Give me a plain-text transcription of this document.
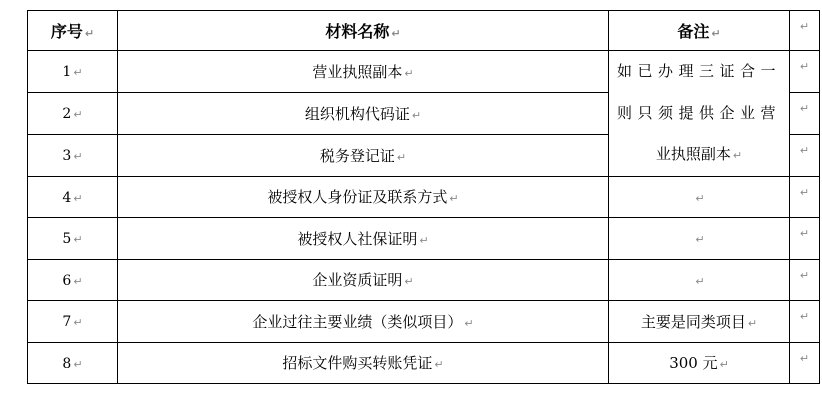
序号 ↵	材料名称 ↵	备注 ↵	↵
1 ↵	营业执照副本 ↵	如已办理三证合一
则只须提供企业营
业执照副本 ↵	↵
2 ↵	组织机构代码证 ↵		↵
3 ↵	税务登记证 ↵		↵
4 ↵	被授权人身份证及联系方式 ↵	↵	↵
5 ↵	被授权人社保证明 ↵	↵	↵
6 ↵	企业资质证明 ↵	↵	↵
7 ↵	企业过往主要业绩（类似项目） ↵	主要是同类项目 ↵	↵
8 ↵	招标文件购买转账凭证 ↵	300 元 ↵	↵
